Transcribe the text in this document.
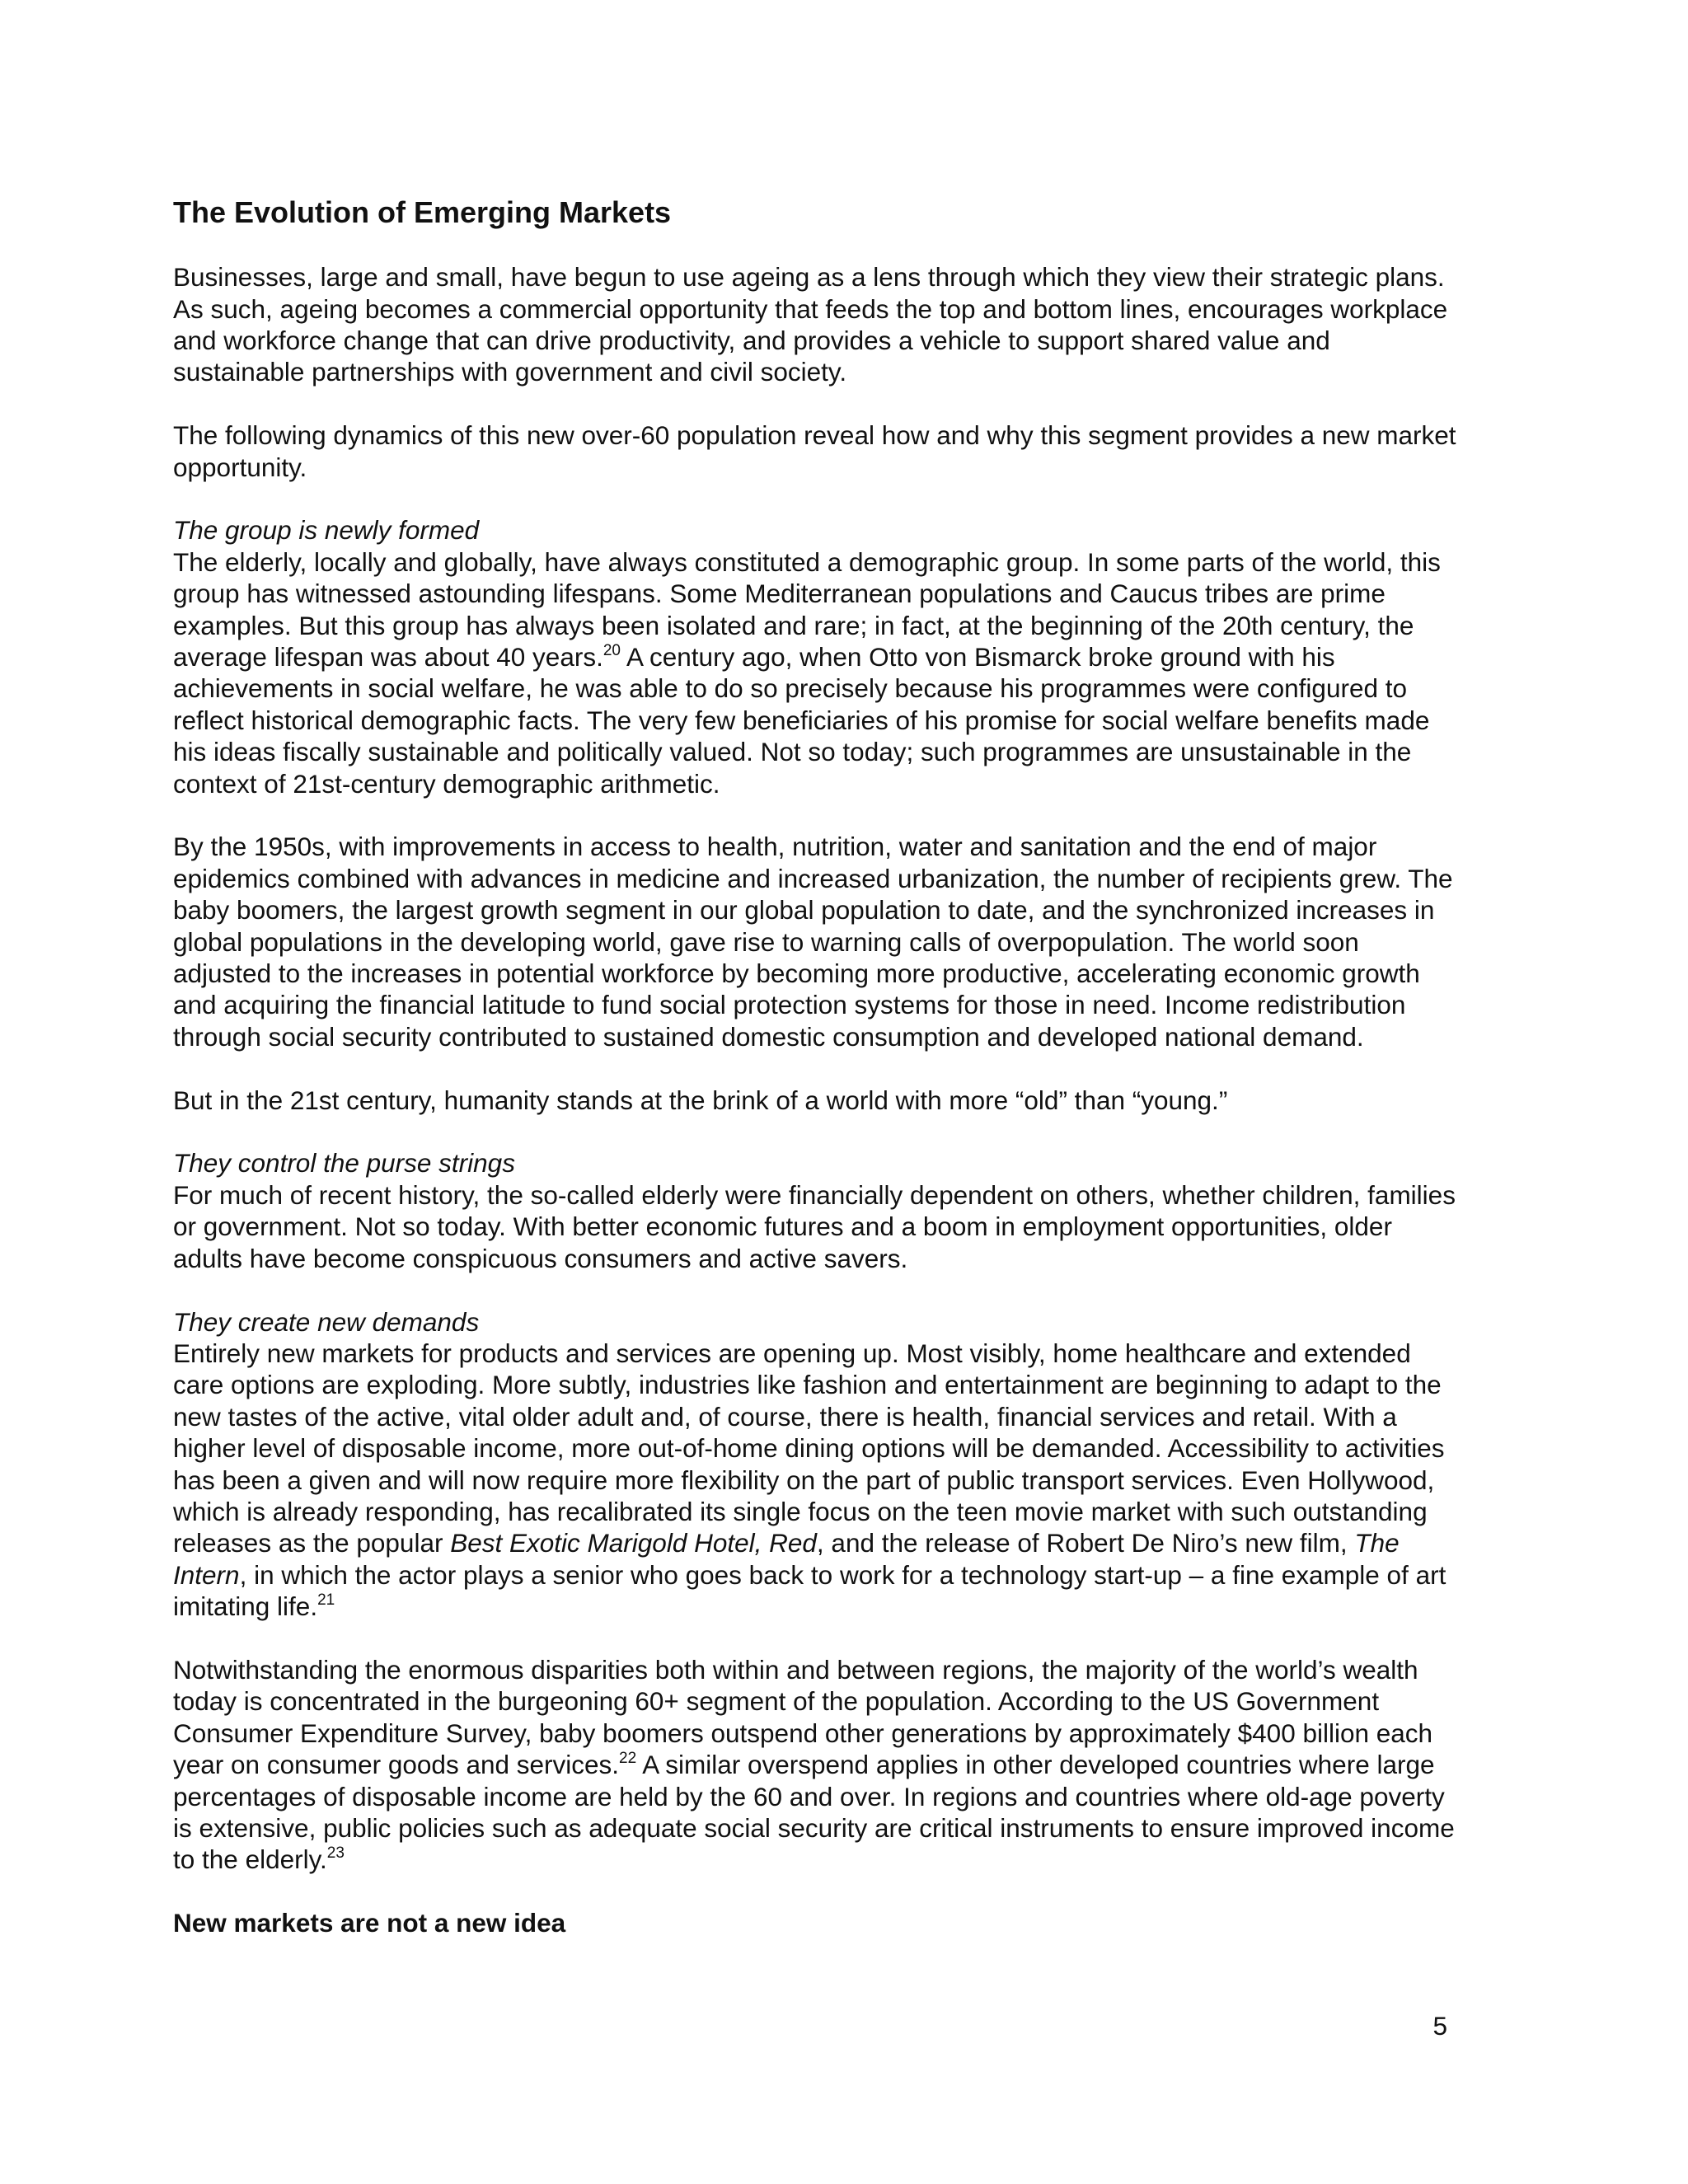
The Evolution of Emerging Markets

Businesses, large and small, have begun to use ageing as a lens through which they view their strategic plans. As such, ageing becomes a commercial opportunity that feeds the top and bottom lines, encourages workplace and workforce change that can drive productivity, and provides a vehicle to support shared value and sustainable partnerships with government and civil society.

The following dynamics of this new over-60 population reveal how and why this segment provides a new market opportunity.

The group is newly formed
The elderly, locally and globally, have always constituted a demographic group. In some parts of the world, this group has witnessed astounding lifespans. Some Mediterranean populations and Caucus tribes are prime examples. But this group has always been isolated and rare; in fact, at the beginning of the 20th century, the average lifespan was about 40 years.$^{20}$ A century ago, when Otto von Bismarck broke ground with his achievements in social welfare, he was able to do so precisely because his programmes were configured to reflect historical demographic facts. The very few beneficiaries of his promise for social welfare benefits made his ideas fiscally sustainable and politically valued. Not so today; such programmes are unsustainable in the context of 21st-century demographic arithmetic.

By the 1950s, with improvements in access to health, nutrition, water and sanitation and the end of major epidemics combined with advances in medicine and increased urbanization, the number of recipients grew. The baby boomers, the largest growth segment in our global population to date, and the synchronized increases in global populations in the developing world, gave rise to warning calls of overpopulation. The world soon adjusted to the increases in potential workforce by becoming more productive, accelerating economic growth and acquiring the financial latitude to fund social protection systems for those in need. Income redistribution through social security contributed to sustained domestic consumption and developed national demand.

But in the 21st century, humanity stands at the brink of a world with more “old” than “young.”

They control the purse strings
For much of recent history, the so-called elderly were financially dependent on others, whether children, families or government. Not so today. With better economic futures and a boom in employment opportunities, older adults have become conspicuous consumers and active savers.

They create new demands
Entirely new markets for products and services are opening up. Most visibly, home healthcare and extended care options are exploding. More subtly, industries like fashion and entertainment are beginning to adapt to the new tastes of the active, vital older adult and, of course, there is health, financial services and retail. With a higher level of disposable income, more out-of-home dining options will be demanded. Accessibility to activities has been a given and will now require more flexibility on the part of public transport services. Even Hollywood, which is already responding, has recalibrated its single focus on the teen movie market with such outstanding releases as the popular Best Exotic Marigold Hotel, Red, and the release of Robert De Niro’s new film, The Intern, in which the actor plays a senior who goes back to work for a technology start-up – a fine example of art imitating life.$^{21}$

Notwithstanding the enormous disparities both within and between regions, the majority of the world’s wealth today is concentrated in the burgeoning 60+ segment of the population. According to the US Government Consumer Expenditure Survey, baby boomers outspend other generations by approximately $400 billion each year on consumer goods and services.$^{22}$ A similar overspend applies in other developed countries where large percentages of disposable income are held by the 60 and over. In regions and countries where old-age poverty is extensive, public policies such as adequate social security are critical instruments to ensure improved income to the elderly.$^{23}$

New markets are not a new idea

5
